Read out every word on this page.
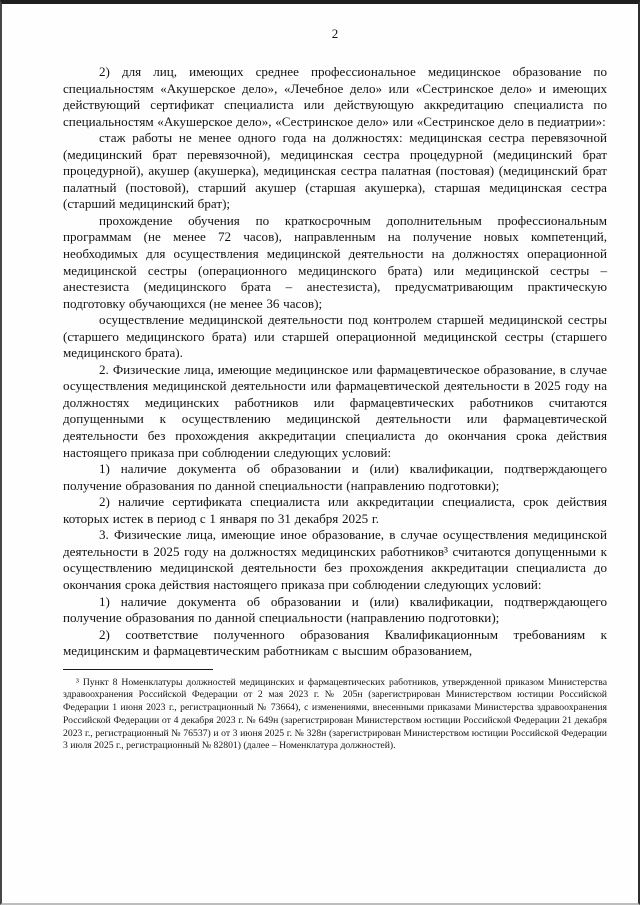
2

2) для лиц, имеющих среднее профессиональное медицинское образование по специальностям «Акушерское дело», «Лечебное дело» или «Сестринское дело» и имеющих действующий сертификат специалиста или действующую аккредитацию специалиста по специальностям «Акушерское дело», «Сестринское дело» или «Сестринское дело в педиатрии»:

стаж работы не менее одного года на должностях: медицинская сестра перевязочной (медицинский брат перевязочной), медицинская сестра процедурной (медицинский брат процедурной), акушер (акушерка), медицинская сестра палатная (постовая) (медицинский брат палатный (постовой), старший акушер (старшая акушерка), старшая медицинская сестра (старший медицинский брат);

прохождение обучения по краткосрочным дополнительным профессиональным программам (не менее 72 часов), направленным на получение новых компетенций, необходимых для осуществления медицинской деятельности на должностях операционной медицинской сестры (операционного медицинского брата) или медицинской сестры – анестезиста (медицинского брата – анестезиста), предусматривающим практическую подготовку обучающихся (не менее 36 часов);

осуществление медицинской деятельности под контролем старшей медицинской сестры (старшего медицинского брата) или старшей операционной медицинской сестры (старшего медицинского брата).

2. Физические лица, имеющие медицинское или фармацевтическое образование, в случае осуществления медицинской деятельности или фармацевтической деятельности в 2025 году на должностях медицинских работников или фармацевтических работников считаются допущенными к осуществлению медицинской деятельности или фармацевтической деятельности без прохождения аккредитации специалиста до окончания срока действия настоящего приказа при соблюдении следующих условий:

1) наличие документа об образовании и (или) квалификации, подтверждающего получение образования по данной специальности (направлению подготовки);

2) наличие сертификата специалиста или аккредитации специалиста, срок действия которых истек в период с 1 января по 31 декабря 2025 г.

3. Физические лица, имеющие иное образование, в случае осуществления медицинской деятельности в 2025 году на должностях медицинских работников³ считаются допущенными к осуществлению медицинской деятельности без прохождения аккредитации специалиста до окончания срока действия настоящего приказа при соблюдении следующих условий:

1) наличие документа об образовании и (или) квалификации, подтверждающего получение образования по данной специальности (направлению подготовки);

2) соответствие полученного образования Квалификационным требованиям к медицинским и фармацевтическим работникам с высшим образованием,

³ Пункт 8 Номенклатуры должностей медицинских и фармацевтических работников, утвержденной приказом Министерства здравоохранения Российской Федерации от 2 мая 2023 г. № 205н (зарегистрирован Министерством юстиции Российской Федерации 1 июня 2023 г., регистрационный № 73664), с изменениями, внесенными приказами Министерства здравоохранения Российской Федерации от 4 декабря 2023 г. № 649н (зарегистрирован Министерством юстиции Российской Федерации 21 декабря 2023 г., регистрационный № 76537) и от 3 июня 2025 г. № 328н (зарегистрирован Министерством юстиции Российской Федерации 3 июля 2025 г., регистрационный № 82801) (далее – Номенклатура должностей).
